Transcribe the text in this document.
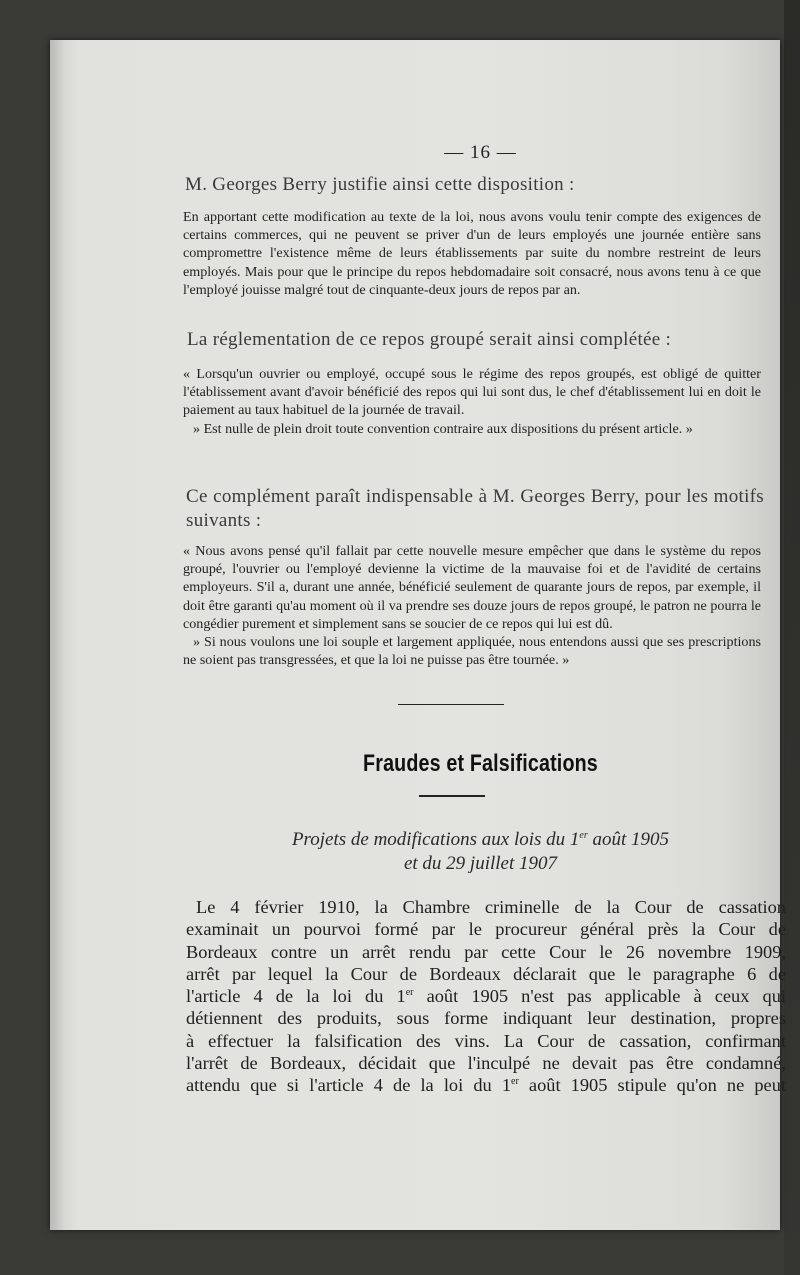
— 16 —
M. Georges Berry justifie ainsi cette disposition :

En apportant cette modification au texte de la loi, nous avons voulu tenir compte des exigences de certains commerces, qui ne peuvent se priver d'un de leurs employés une journée entière sans compromettre l'existence même de leurs établissements par suite du nombre restreint de leurs employés. Mais pour que le principe du repos hebdomadaire soit consacré, nous avons tenu à ce que l'employé jouisse malgré tout de cinquante-deux jours de repos par an.

La réglementation de ce repos groupé serait ainsi complétée :

« Lorsqu'un ouvrier ou employé, occupé sous le régime des repos groupés, est obligé de quitter l'établissement avant d'avoir bénéficié des repos qui lui sont dus, le chef d'établissement lui en doit le paiement au taux habituel de la journée de travail.

» Est nulle de plein droit toute convention contraire aux dispositions du présent article. »

Ce complément paraît indispensable à M. Georges Berry, pour les motifs suivants :

« Nous avons pensé qu'il fallait par cette nouvelle mesure empêcher que dans le système du repos groupé, l'ouvrier ou l'employé devienne la victime de la mauvaise foi et de l'avidité de certains employeurs. S'il a, durant une année, bénéficié seulement de quarante jours de repos, par exemple, il doit être garanti qu'au moment où il va prendre ses douze jours de repos groupé, le patron ne pourra le congédier purement et simplement sans se soucier de ce repos qui lui est dû.

» Si nous voulons une loi souple et largement appliquée, nous entendons aussi que ses prescriptions ne soient pas transgressées, et que la loi ne puisse pas être tournée. »

Fraudes et Falsifications
Projets de modifications aux lois du 1er août 1905
et du 29 juillet 1907
Le 4 février 1910, la Chambre criminelle de la Cour de cassation
examinait un pourvoi formé par le procureur général près la Cour de
Bordeaux contre un arrêt rendu par cette Cour le 26 novembre 1909,
arrêt par lequel la Cour de Bordeaux déclarait que le paragraphe 6 de
l'article 4 de la loi du 1er août 1905 n'est pas applicable à ceux qui
détiennent des produits, sous forme indiquant leur destination, propres
à effectuer la falsification des vins. La Cour de cassation, confirmant
l'arrêt de Bordeaux, décidait que l'inculpé ne devait pas être condamné,
attendu que si l'article 4 de la loi du 1er août 1905 stipule qu'on ne peut
